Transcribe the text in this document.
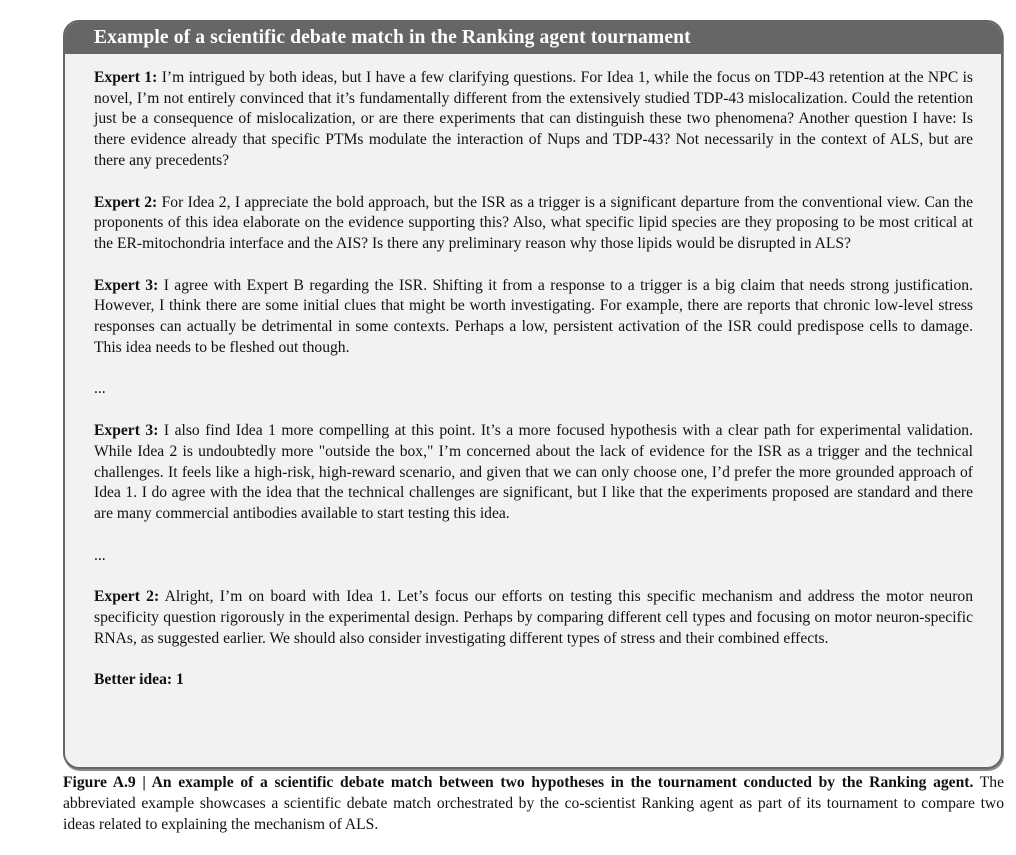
Example of a scientific debate match in the Ranking agent tournament

Expert 1: I’m intrigued by both ideas, but I have a few clarifying questions. For Idea 1, while the focus on TDP-43 retention at the NPC is novel, I’m not entirely convinced that it’s fundamentally different from the extensively studied TDP-43 mislocalization. Could the retention just be a consequence of mislocalization, or are there experiments that can distinguish these two phenomena? Another question I have: Is there evidence already that specific PTMs modulate the interaction of Nups and TDP-43? Not necessarily in the context of ALS, but are there any precedents?

Expert 2: For Idea 2, I appreciate the bold approach, but the ISR as a trigger is a significant departure from the conventional view. Can the proponents of this idea elaborate on the evidence supporting this? Also, what specific lipid species are they proposing to be most critical at the ER-mitochondria interface and the AIS? Is there any preliminary reason why those lipids would be disrupted in ALS?

Expert 3: I agree with Expert B regarding the ISR. Shifting it from a response to a trigger is a big claim that needs strong justification. However, I think there are some initial clues that might be worth investigating. For example, there are reports that chronic low-level stress responses can actually be detrimental in some contexts. Perhaps a low, persistent activation of the ISR could predispose cells to damage. This idea needs to be fleshed out though.

...

Expert 3: I also find Idea 1 more compelling at this point. It’s a more focused hypothesis with a clear path for experimental validation. While Idea 2 is undoubtedly more "outside the box," I’m concerned about the lack of evidence for the ISR as a trigger and the technical challenges. It feels like a high-risk, high-reward scenario, and given that we can only choose one, I’d prefer the more grounded approach of Idea 1. I do agree with the idea that the technical challenges are significant, but I like that the experiments proposed are standard and there are many commercial antibodies available to start testing this idea.

...

Expert 2: Alright, I’m on board with Idea 1. Let’s focus our efforts on testing this specific mechanism and address the motor neuron specificity question rigorously in the experimental design. Perhaps by comparing different cell types and focusing on motor neuron-specific RNAs, as suggested earlier. We should also consider investigating different types of stress and their combined effects.

Better idea: 1

Figure A.9 | An example of a scientific debate match between two hypotheses in the tournament conducted by the Ranking agent. The abbreviated example showcases a scientific debate match orchestrated by the co-scientist Ranking agent as part of its tournament to compare two ideas related to explaining the mechanism of ALS.
